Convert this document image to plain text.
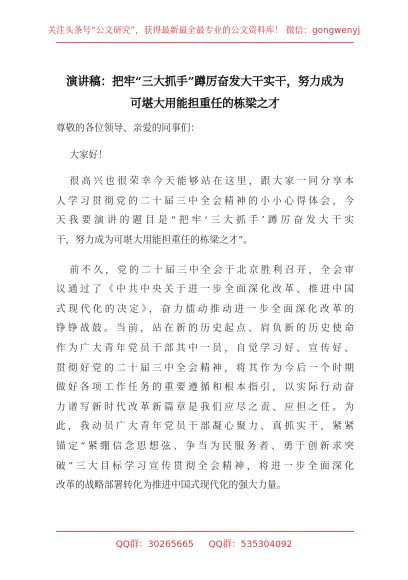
关注头条号“公文研究”，获得最新最全最专业的公文资料库！ 微信：gongwenyj
演讲稿：把牢“三大抓手”蹲厉奋发大干实干，努力成为
可堪大用能担重任的栋梁之才
尊敬的各位领导、亲爱的同事们：
大家好！
很高兴也很荣幸今天能够站在这里，跟大家一同分享本
人学习贯彻党的二十届三中全会精神的小小心得体会，今
天我要演讲的题目是“把牢‘三大抓手’蹲厉奋发大干实
干，努力成为可堪大用能担重任的栋梁之才”。
前不久，党的二十届三中全会于北京胜利召开，全会审
议通过了《中共中央关于进一步全面深化改革、推进中国
式现代化的决定》，奋力擂动推动进一步全面深化改革的
铮铮战鼓。当前，站在新的历史起点、肩负新的历史使命
作为广大青年党员干部其中一员，自觉学习好、宣传好、
贯彻好党的二十届三中全会精神，将其作为今后一个时期
做好各项工作任务的重要遵循和根本指引，以实际行动奋
力谱写新时代改革新篇章是我们应尽之责、应担之任。为
此，我动员广大青年党员干部凝心聚力、真抓实干，紧紧
锚定“紧绷信念思想弦、争当为民服务者、勇于创新求突
破”三大目标学习宣传贯彻全会精神，将进一步全面深化
改革的战略部署转化为推进中国式现代化的强大力量。
QQ群：30265665 QQ群：535304092
